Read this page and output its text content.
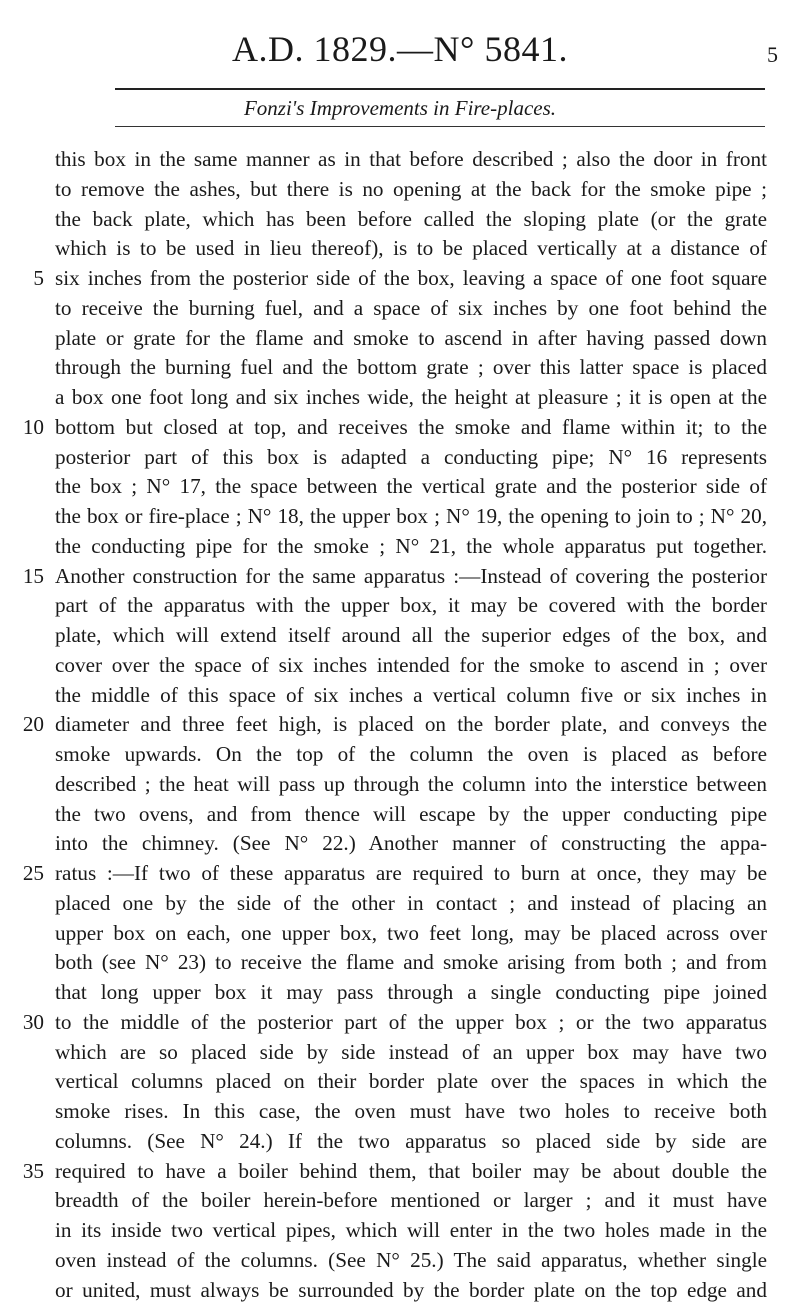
A.D. 1829.—N° 5841.	5
Fonzi's Improvements in Fire-places.
this box in the same manner as in that before described ; also the door in front
to remove the ashes, but there is no opening at the back for the smoke pipe ;
the back plate, which has been before called the sloping plate (or the grate
which is to be used in lieu thereof), is to be placed vertically at a distance of
5 six inches from the posterior side of the box, leaving a space of one foot square
to receive the burning fuel, and a space of six inches by one foot behind the
plate or grate for the flame and smoke to ascend in after having passed down
through the burning fuel and the bottom grate ; over this latter space is placed
a box one foot long and six inches wide, the height at pleasure ; it is open at the
10 bottom but closed at top, and receives the smoke and flame within it; to the
posterior part of this box is adapted a conducting pipe; N° 16 represents
the box ; N° 17, the space between the vertical grate and the posterior side of
the box or fire-place ; N° 18, the upper box ; N° 19, the opening to join to ; N° 20,
the conducting pipe for the smoke ; N° 21, the whole apparatus put together.
15 Another construction for the same apparatus :—Instead of covering the posterior
part of the apparatus with the upper box, it may be covered with the border
plate, which will extend itself around all the superior edges of the box, and
cover over the space of six inches intended for the smoke to ascend in ; over
the middle of this space of six inches a vertical column five or six inches in
20 diameter and three feet high, is placed on the border plate, and conveys the
smoke upwards. On the top of the column the oven is placed as before
described ; the heat will pass up through the column into the interstice between
the two ovens, and from thence will escape by the upper conducting pipe
into the chimney. (See N° 22.) Another manner of constructing the appa-
25 ratus :—If two of these apparatus are required to burn at once, they may be
placed one by the side of the other in contact ; and instead of placing an
upper box on each, one upper box, two feet long, may be placed across over
both (see N° 23) to receive the flame and smoke arising from both ; and from
that long upper box it may pass through a single conducting pipe joined
30 to the middle of the posterior part of the upper box ; or the two apparatus
which are so placed side by side instead of an upper box may have two
vertical columns placed on their border plate over the spaces in which the
smoke rises. In this case, the oven must have two holes to receive both
columns. (See N° 24.) If the two apparatus so placed side by side are
35 required to have a boiler behind them, that boiler may be about double the
breadth of the boiler herein-before mentioned or larger ; and it must have
in its inside two vertical pipes, which will enter in the two holes made in the
oven instead of the columns. (See N° 25.) The said apparatus, whether single
or united, must always be surrounded by the border plate on the top edge and
